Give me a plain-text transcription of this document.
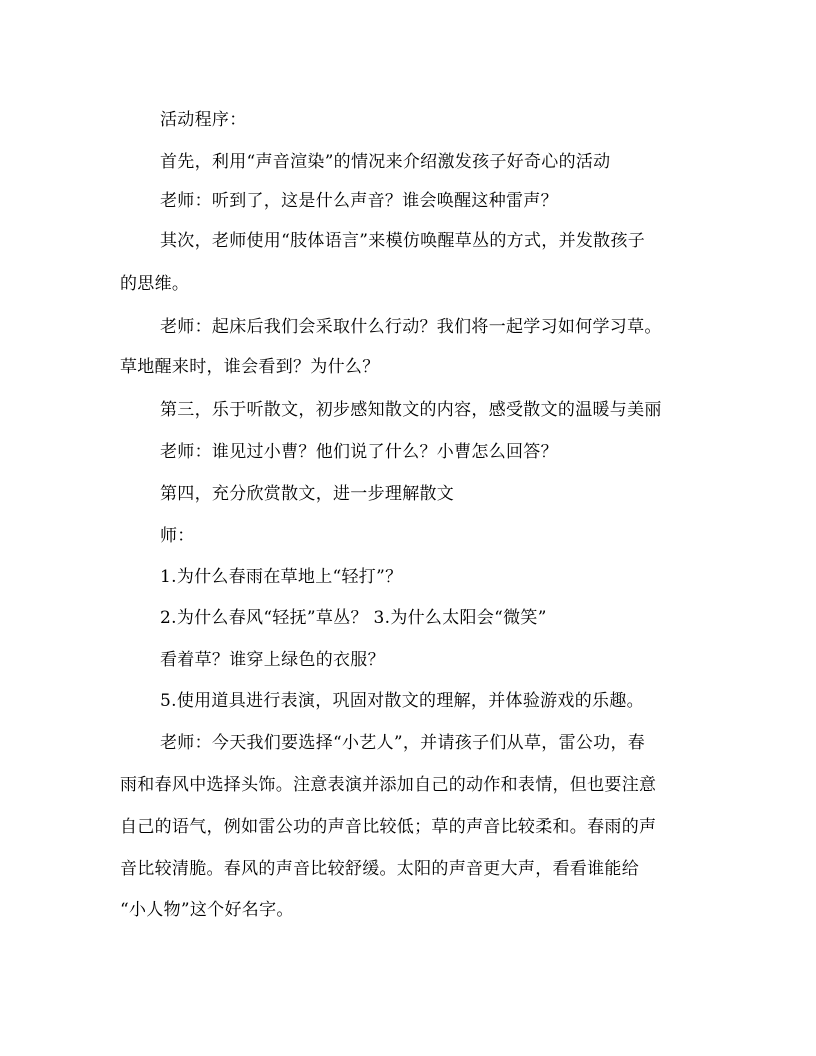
活动程序：

首先，利用“声音渲染”的情况来介绍激发孩子好奇心的活动

老师：听到了，这是什么声音？谁会唤醒这种雷声？

其次，老师使用“肢体语言”来模仿唤醒草丛的方式，并发散孩子

的思维。

老师：起床后我们会采取什么行动？我们将一起学习如何学习草。

草地醒来时，谁会看到？为什么？

第三，乐于听散文，初步感知散文的内容，感受散文的温暖与美丽

老师：谁见过小曹？他们说了什么？小曹怎么回答？

第四，充分欣赏散文，进一步理解散文

师：

1.为什么春雨在草地上“轻打”？

2.为什么春风“轻抚”草丛？ 3.为什么太阳会“微笑”

看着草？谁穿上绿色的衣服？

5.使用道具进行表演，巩固对散文的理解，并体验游戏的乐趣。

老师：今天我们要选择“小艺人”，并请孩子们从草，雷公功，春

雨和春风中选择头饰。注意表演并添加自己的动作和表情，但也要注意

自己的语气，例如雷公功的声音比较低；草的声音比较柔和。春雨的声

音比较清脆。春风的声音比较舒缓。太阳的声音更大声，看看谁能给

“小人物”这个好名字。
